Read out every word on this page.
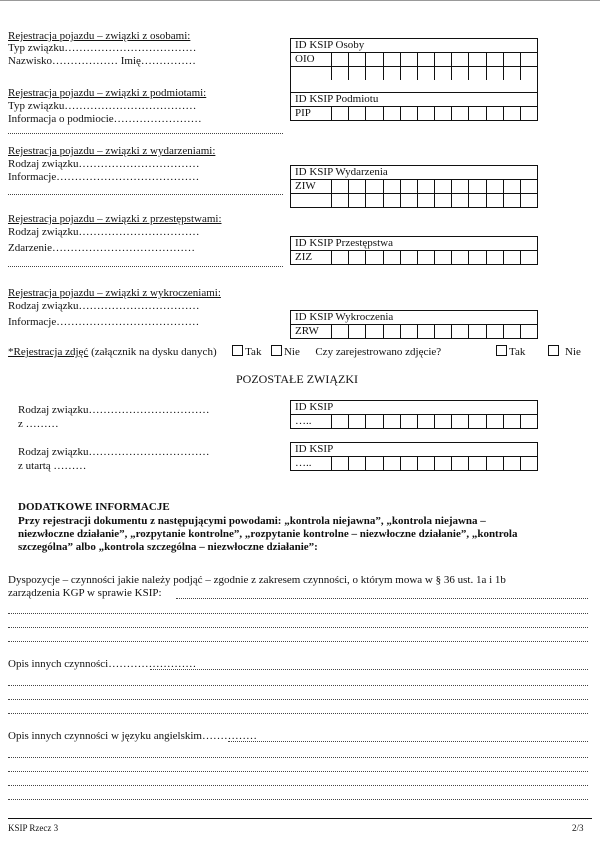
Rejestracja pojazdu – związki z osobami:
Typ związku………………………………
Nazwisko……………… Imię……………
ID KSIP Osoby
OIO
Rejestracja pojazdu – związki z podmiotami:
Typ związku………………………………
Informacja o podmiocie……………………
ID KSIP Podmiotu
PIP
Rejestracja pojazdu – związki z wydarzeniami:
Rodzaj związku……………………………
Informacje…………………………………	ID KSIP Wydarzenia
ZIW
Rejestracja pojazdu – związki z przestępstwami:
Rodzaj związku……………………………
Zdarzenie…………………………………	ID KSIP Przestępstwa
ZIZ
Rejestracja pojazdu – związki z wykroczeniami:
Rodzaj związku……………………………
Informacje…………………………………	ID KSIP Wykroczenia
ZRW
*Rejestracja zdjęć (załącznik na dysku danych)	Tak Nie Czy zarejestrowano zdjęcie?	Tak	Nie
POZOSTAŁE ZWIĄZKI
Rodzaj związku……………………………
z ………
ID KSIP
…..
Rodzaj związku……………………………
z utartą ………
ID KSIP
…..
DODATKOWE INFORMACJE
Przy rejestracji dokumentu z następującymi powodami: „kontrola niejawna”, „kontrola niejawna –
niezwłoczne działanie”, „rozpytanie kontrolne”, „rozpytanie kontrolne – niezwłoczne działanie”, „kontrola
szczególna” albo „kontrola szczególna – niezwłoczne działanie”:
Dyspozycje – czynności jakie należy podjąć – zgodnie z zakresem czynności, o którym mowa w § 36 ust. 1a i 1b
zarządzenia KGP w sprawie KSIP:
Opis innych czynności……………………
Opis innych czynności w języku angielskim……………
KSIP Rzecz 3	2/3
